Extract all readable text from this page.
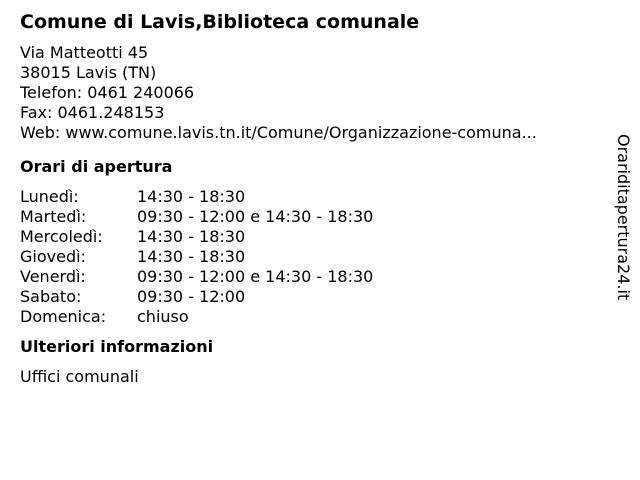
Comune di Lavis,Biblioteca comunale
Via Matteotti 45
38015 Lavis (TN)
Telefon: 0461 240066
Fax: 0461.248153
Web: www.comune.lavis.tn.it/Comune/Organizzazione-comuna...
Orari di apertura
Lunedì:	14:30 - 18:30
Martedì:	09:30 - 12:00 e 14:30 - 18:30
Mercoledì:	14:30 - 18:30
Giovedì:	14:30 - 18:30
Venerdì:	09:30 - 12:00 e 14:30 - 18:30
Sabato:	09:30 - 12:00
Domenica:	chiuso
Ulteriori informazioni
Uffici comunali
Orariditapertura24.it
